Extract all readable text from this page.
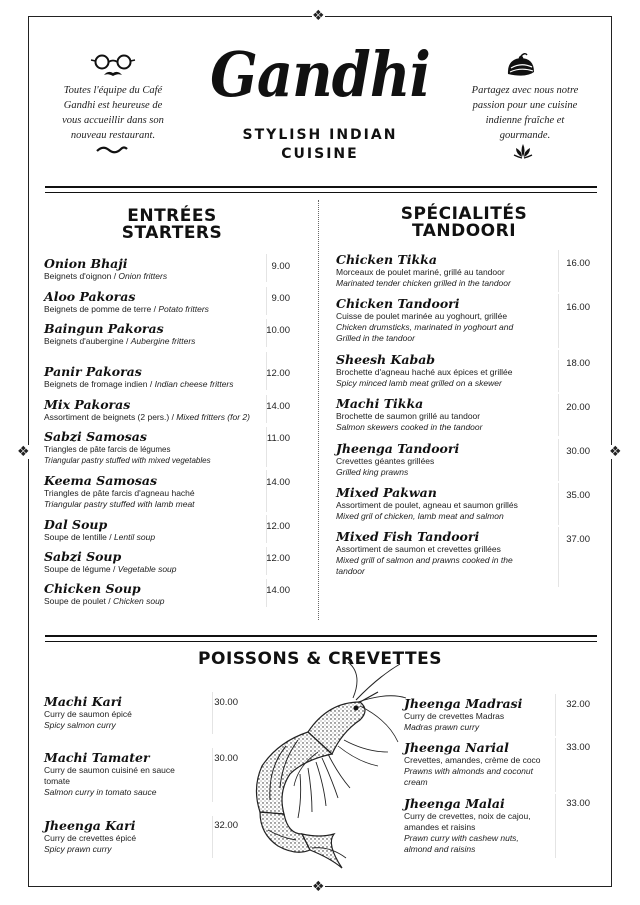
❖
❖
❖	❖
Toutes l'équipe du Café
Gandhi est heureuse de
vous accueillir dans son
nouveau restaurant.
Gandhi
STYLISH INDIAN
CUISINE
Partagez avec nous notre
passion pour une cuisine
indienne fraîche et
gourmande.
ENTRÉES
STARTERS
Onion Bhaji
Beignets d'oignon / Onion fritters
9.00
Aloo Pakoras
Beignets de pomme de terre / Potato fritters
9.00
Baingun Pakoras
Beignets d'aubergine / Aubergine fritters
10.00
Panir Pakoras
Beignets de fromage indien / Indian cheese fritters
12.00
Mix Pakoras
Assortiment de beignets (2 pers.) / Mixed fritters (for 2)
14.00
Sabzi Samosas
Triangles de pâte farcis de légumes
Triangular pastry stuffed with mixed vegetables
11.00
Keema Samosas
Triangles de pâte farcis d'agneau haché
Triangular pastry stuffed with lamb meat
14.00
Dal Soup
Soupe de lentille / Lentil soup
12.00
Sabzi Soup
Soupe de légume / Vegetable soup
12.00
Chicken Soup
Soupe de poulet / Chicken soup
14.00
SPÉCIALITÉS
TANDOORI
Chicken Tikka
Morceaux de poulet mariné, grillé au tandoor
Marinated tender chicken grilled in the tandoor
16.00
Chicken Tandoori
Cuisse de poulet marinée au yoghourt, grillée
Chicken drumsticks, marinated in yoghourt and
Grilled in the tandoor
16.00
Sheesh Kabab
Brochette d'agneau haché aux épices et grillée
Spicy minced lamb meat grilled on a skewer
18.00
Machi Tikka
Brochette de saumon grillé au tandoor
Salmon skewers cooked in the tandoor
20.00
Jheenga Tandoori
Crevettes géantes grillées
Grilled king prawns
30.00
Mixed Pakwan
Assortiment de poulet, agneau et saumon grillés
Mixed gril of chicken, lamb meat and salmon
35.00
Mixed Fish Tandoori
Assortiment de saumon et crevettes grillées
Mixed grill of salmon and prawns cooked in the
tandoor
37.00
POISSONS & CREVETTES
Machi Kari
Curry de saumon épicé
Spicy salmon curry
30.00
Machi Tamater
Curry de saumon cuisiné en sauce
tomate
Salmon curry in tomato sauce
30.00
Jheenga Kari
Curry de crevettes épicé
Spicy prawn curry
32.00
Jheenga Madrasi
Curry de crevettes Madras
Madras prawn curry
32.00
Jheenga Narial
Crevettes, amandes, crème de coco
Prawns with almonds and coconut
cream
33.00
Jheenga Malai
Curry de crevettes, noix de cajou,
amandes et raisins
Prawn curry with cashew nuts,
almond and raisins
33.00
